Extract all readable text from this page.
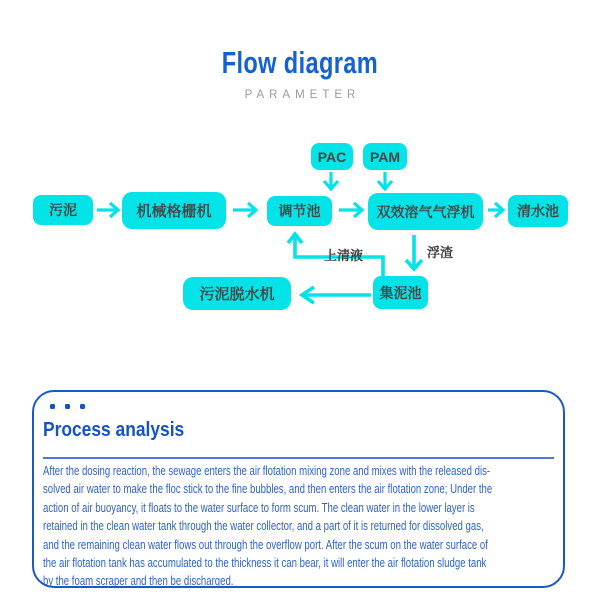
Flow diagram
PARAMETER
污泥	机械格栅机	调节池
PAC	PAM
双效溶气气浮机	清水池
集泥池
污泥脱水机
上清液	浮渣
Process analysis
After the dosing reaction, the sewage enters the air flotation mixing zone and mixes with the released dis-
solved air water to make the floc stick to the fine bubbles, and then enters the air flotation zone; Under the
action of air buoyancy, it floats to the water surface to form scum. The clean water in the lower layer is
retained in the clean water tank through the water collector, and a part of it is returned for dissolved gas,
and the remaining clean water flows out through the overflow port. After the scum on the water surface of
the air flotation tank has accumulated to the thickness it can bear, it will enter the air flotation sludge tank
by the foam scraper and then be discharged.
